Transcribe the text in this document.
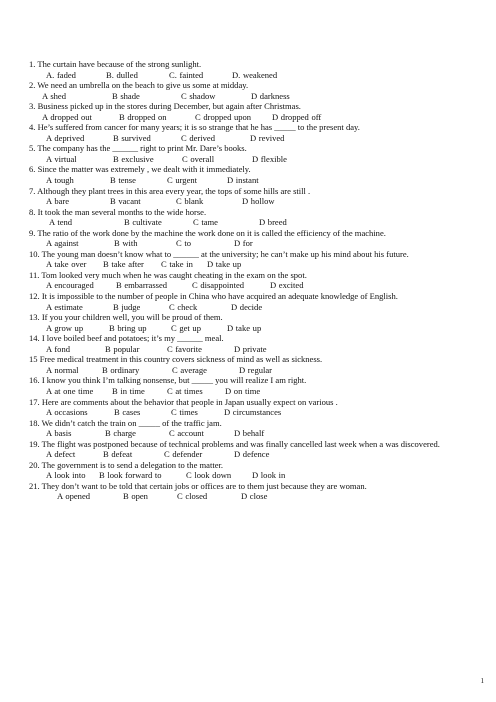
1. The curtain have because of the strong sunlight.

A. faded	B. dulled	C. fainted	D. weakened

2. We need an umbrella on the beach to give us some at midday.

A shed	B shade	C shadow	D darkness

3. Business picked up in the stores during December, but again after Christmas.

A dropped out	B dropped on	C dropped upon D dropped off

4. He’s suffered from cancer for many years; it is so strange that he has _____ to the present day.

A deprived	B survived	C derived	D revived

5. The company has the ______ right to print Mr. Dare’s books.

A virtual	B exclusive	C overall	D flexible

6. Since the matter was extremely , we dealt with it immediately.

A tough	B tense	C urgent	D instant

7. Although they plant trees in this area every year, the tops of some hills are still .

A bare	B vacant	C blank	D hollow

8. It took the man several months to the wide horse.

A tend	B cultivate	C tame	D breed

9. The ratio of the work done by the machine the work done on it is called the efficiency of the machine.

A against	B with	C to	D for

10. The young man doesn’t know what to ______ at the university; he can’t make up his mind about his future.

A take over B take after C take in D take up

11. Tom looked very much when he was caught cheating in the exam on the spot.

A encouraged	B embarrassed	C disappointed	D excited

12. It is impossible to the number of people in China who have acquired an adequate knowledge of English.

A estimate	B judge	C check	D decide

13. If you your children well, you will be proud of them.

A grow up	B bring up	C get up	D take up

14. I love boiled beef and potatoes; it’s my ______ meal.

A fond	B popular	C favorite	D private

15 Free medical treatment in this country covers sickness of mind as well as sickness.

A normal	B ordinary	C average	D regular

16. I know you think I’m talking nonsense, but _____ you will realize I am right.

A at one time B in time	C at times	D on time

17. Here are comments about the behavior that people in Japan usually expect on various .

A occasions	B cases	C times	D circumstances

18. We didn’t catch the train on _____ of the traffic jam.

A basis	B charge	C account	D behalf

19. The flight was postponed because of technical problems and was finally cancelled last week when a was discovered.

A defect	B defeat	C defender	D defence

20. The government is to send a delegation to the matter.

A look into B look forward to	C look down D look in

21. They don’t want to be told that certain jobs or offices are to them just because they are woman.

A opened	B open	C closed	D close

1
